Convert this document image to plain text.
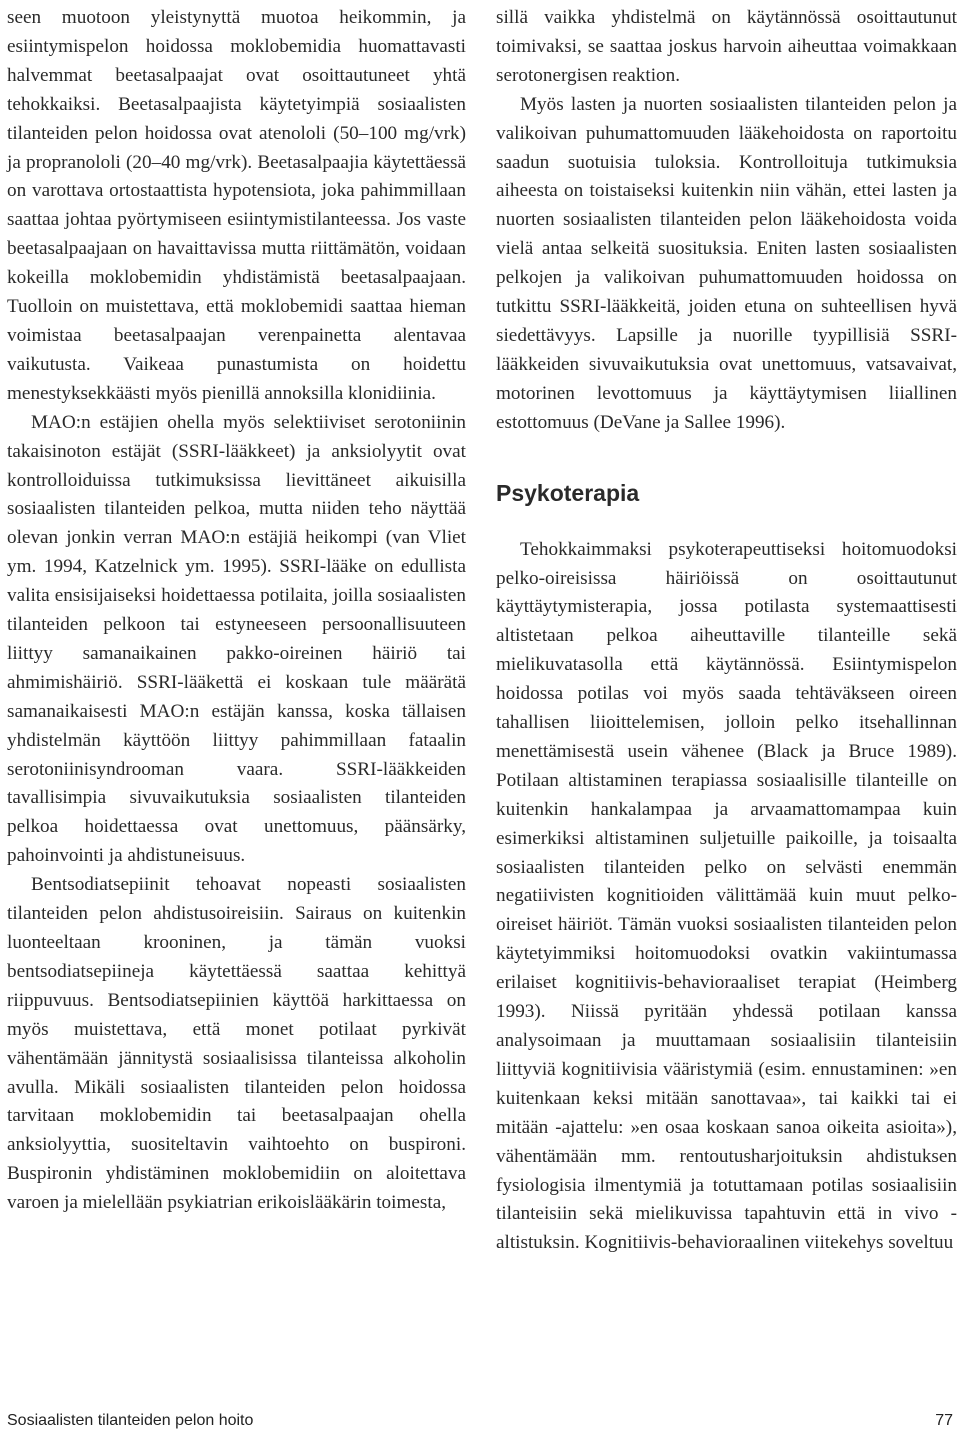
seen muotoon yleistynyttä muotoa heikommin, ja esiintymispelon hoidossa moklobemidia huomattavasti halvemmat beetasalpaajat ovat osoittautuneet yhtä tehokkaiksi. Beetasalpaajista käytetyimpiä sosiaalisten tilanteiden pelon hoidossa ovat atenololi (50–100 mg/vrk) ja propranololi (20–40 mg/vrk). Beetasalpaajia käytettäessä on varottava ortostaattista hypotensiota, joka pahimmillaan saattaa johtaa pyörtymiseen esiintymistilanteessa. Jos vaste beetasalpaajaan on havaittavissa mutta riittämätön, voidaan kokeilla moklobemidin yhdistämistä beetasalpaajaan. Tuolloin on muistettava, että moklobemidi saattaa hieman voimistaa beetasalpaajan verenpainetta alentavaa vaikutusta. Vaikeaa punastumista on hoidettu menestyksekkäästi myös pienillä annoksilla klonidiinia.

MAO:n estäjien ohella myös selektiiviset serotoniinin takaisinoton estäjät (SSRI-lääkkeet) ja anksiolyytit ovat kontrolloiduissa tutkimuksissa lievittäneet aikuisilla sosiaalisten tilanteiden pelkoa, mutta niiden teho näyttää olevan jonkin verran MAO:n estäjiä heikompi (van Vliet ym. 1994, Katzelnick ym. 1995). SSRI-lääke on edullista valita ensisijaiseksi hoidettaessa potilaita, joilla sosiaalisten tilanteiden pelkoon tai estyneeseen persoonallisuuteen liittyy samanaikainen pakko-oireinen häiriö tai ahmimishäiriö. SSRI-lääkettä ei koskaan tule määrätä samanaikaisesti MAO:n estäjän kanssa, koska tällaisen yhdistelmän käyttöön liittyy pahimmillaan fataalin serotoniinisyndrooman vaara. SSRI-lääkkeiden tavallisimpia sivuvaikutuksia sosiaalisten tilanteiden pelkoa hoidettaessa ovat unettomuus, päänsärky, pahoinvointi ja ahdistuneisuus.

Bentsodiatsepiinit tehoavat nopeasti sosiaalisten tilanteiden pelon ahdistusoireisiin. Sairaus on kuitenkin luonteeltaan krooninen, ja tämän vuoksi bentsodiatsepiineja käytettäessä saattaa kehittyä riippuvuus. Bentsodiatsepiinien käyttöä harkittaessa on myös muistettava, että monet potilaat pyrkivät vähentämään jännitystä sosiaalisissa tilanteissa alkoholin avulla. Mikäli sosiaalisten tilanteiden pelon hoidossa tarvitaan moklobemidin tai beetasalpaajan ohella anksiolyyttia, suositeltavin vaihtoehto on buspironi. Buspironin yhdistäminen moklobemidiin on aloitettava varoen ja mielellään psykiatrian erikoislääkärin toimesta,

sillä vaikka yhdistelmä on käytännössä osoittautunut toimivaksi, se saattaa joskus harvoin aiheuttaa voimakkaan serotonergisen reaktion.

Myös lasten ja nuorten sosiaalisten tilanteiden pelon ja valikoivan puhumattomuuden lääkehoidosta on raportoitu saadun suotuisia tuloksia. Kontrolloituja tutkimuksia aiheesta on toistaiseksi kuitenkin niin vähän, ettei lasten ja nuorten sosiaalisten tilanteiden pelon lääkehoidosta voida vielä antaa selkeitä suosituksia. Eniten lasten sosiaalisten pelkojen ja valikoivan puhumattomuuden hoidossa on tutkittu SSRI-lääkkeitä, joiden etuna on suhteellisen hyvä siedettävyys. Lapsille ja nuorille tyypillisiä SSRI-lääkkeiden sivuvaikutuksia ovat unettomuus, vatsavaivat, motorinen levottomuus ja käyttäytymisen liiallinen estottomuus (DeVane ja Sallee 1996).

Psykoterapia

Tehokkaimmaksi psykoterapeuttiseksi hoitomuodoksi pelko-oireisissa häiriöissä on osoittautunut käyttäytymisterapia, jossa potilasta systemaattisesti altistetaan pelkoa aiheuttaville tilanteille sekä mielikuvatasolla että käytännössä. Esiintymispelon hoidossa potilas voi myös saada tehtäväkseen oireen tahallisen liioittelemisen, jolloin pelko itsehallinnan menettämisestä usein vähenee (Black ja Bruce 1989). Potilaan altistaminen terapiassa sosiaalisille tilanteille on kuitenkin hankalampaa ja arvaamattomampaa kuin esimerkiksi altistaminen suljetuille paikoille, ja toisaalta sosiaalisten tilanteiden pelko on selvästi enemmän negatiivisten kognitioiden välittämää kuin muut pelko-oireiset häiriöt. Tämän vuoksi sosiaalisten tilanteiden pelon käytetyimmiksi hoitomuodoksi ovatkin vakiintumassa erilaiset kognitiivis-behavioraaliset terapiat (Heimberg 1993). Niissä pyritään yhdessä potilaan kanssa analysoimaan ja muuttamaan sosiaalisiin tilanteisiin liittyviä kognitiivisia vääristymiä (esim. ennustaminen: »en kuitenkaan keksi mitään sanottavaa», tai kaikki tai ei mitään -ajattelu: »en osaa koskaan sanoa oikeita asioita»), vähentämään mm. rentoutusharjoituksin ahdistuksen fysiologisia ilmentymiä ja totuttamaan potilas sosiaalisiin tilanteisiin sekä mielikuvissa tapahtuvin että in vivo -altistuksin. Kognitiivis-behavioraalinen viitekehys soveltuu

Sosiaalisten tilanteiden pelon hoito	77
